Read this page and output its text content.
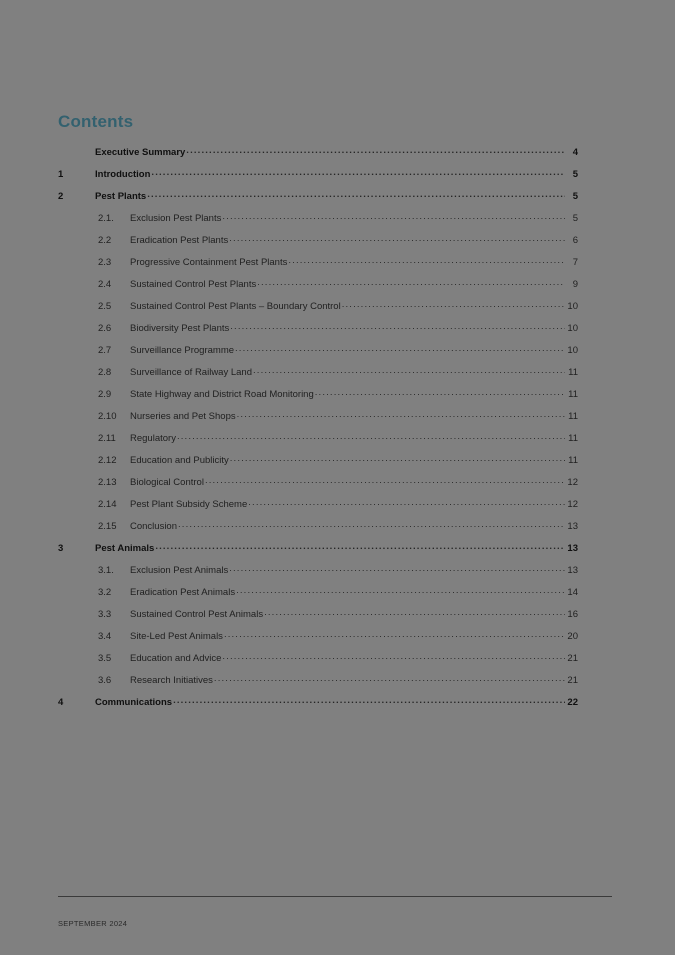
Contents
Executive Summary .....	4
1	Introduction .....	5
2	Pest Plants .....	5
2.1.	Exclusion Pest Plants .....	5
2.2	Eradication Pest Plants .....	6
2.3	Progressive Containment Pest Plants .....	7
2.4	Sustained Control Pest Plants .....	9
2.5	Sustained Control Pest Plants – Boundary Control .....	10
2.6	Biodiversity Pest Plants .....	10
2.7	Surveillance Programme .....	10
2.8	Surveillance of Railway Land .....	11
2.9	State Highway and District Road Monitoring .....	11
2.10	Nurseries and Pet Shops .....	11
2.11	Regulatory .....	11
2.12	Education and Publicity .....	11
2.13	Biological Control .....	12
2.14	Pest Plant Subsidy Scheme .....	12
2.15	Conclusion .....	13
3	Pest Animals .....	13
3.1.	Exclusion Pest Animals .....	13
3.2	Eradication Pest Animals .....	14
3.3	Sustained Control Pest Animals .....	16
3.4	Site-Led Pest Animals .....	20
3.5	Education and Advice .....	21
3.6	Research Initiatives .....	21
4	Communications .....	22
SEPTEMBER 2024
